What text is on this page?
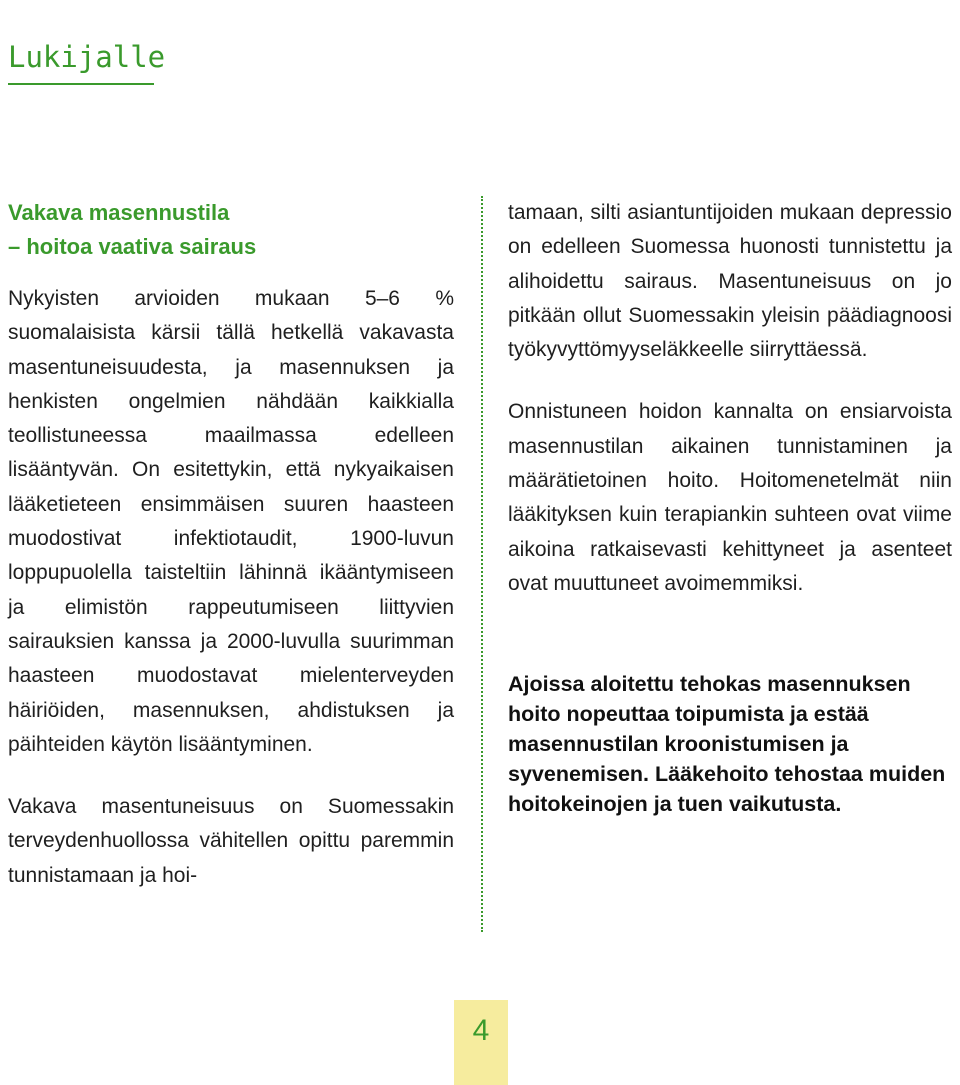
Lukijalle

Vakava masennustila

– hoitoa vaativa sairaus

Nykyisten arvioiden mukaan 5–6 % suomalaisista kärsii tällä hetkellä vakavasta masentuneisuudesta, ja masennuksen ja henkisten ongelmien nähdään kaikkialla teollistuneessa maailmassa edelleen lisääntyvän. On esitettykin, että nykyaikaisen lääketieteen ensimmäisen suuren haasteen muodostivat infektiotaudit, 1900-luvun loppupuolella taisteltiin lähinnä ikääntymiseen ja elimistön rappeutumiseen liittyvien sairauksien kanssa ja 2000-luvulla suurimman haasteen muodostavat mielenterveyden häiriöiden, masennuksen, ahdistuksen ja päihteiden käytön lisääntyminen.

Vakava masentuneisuus on Suomessakin terveydenhuollossa vähitellen opittu paremmin tunnistamaan ja hoi-

tamaan, silti asiantuntijoiden mukaan depressio on edelleen Suomessa huonosti tunnistettu ja alihoidettu sairaus. Masentuneisuus on jo pitkään ollut Suomessakin yleisin päädiagnoosi työkyvyttömyyseläkkeelle siirryttäessä.

Onnistuneen hoidon kannalta on ensiarvoista masennustilan aikainen tunnistaminen ja määrätietoinen hoito. Hoitomenetelmät niin lääkityksen kuin terapiankin suhteen ovat viime aikoina ratkaisevasti kehittyneet ja asenteet ovat muuttuneet avoimemmiksi.

Ajoissa aloitettu tehokas masennuksen hoito nopeuttaa toipumista ja estää masennustilan kroonistumisen ja syvenemisen. Lääkehoito tehostaa muiden hoitokeinojen ja tuen vaikutusta.

4
